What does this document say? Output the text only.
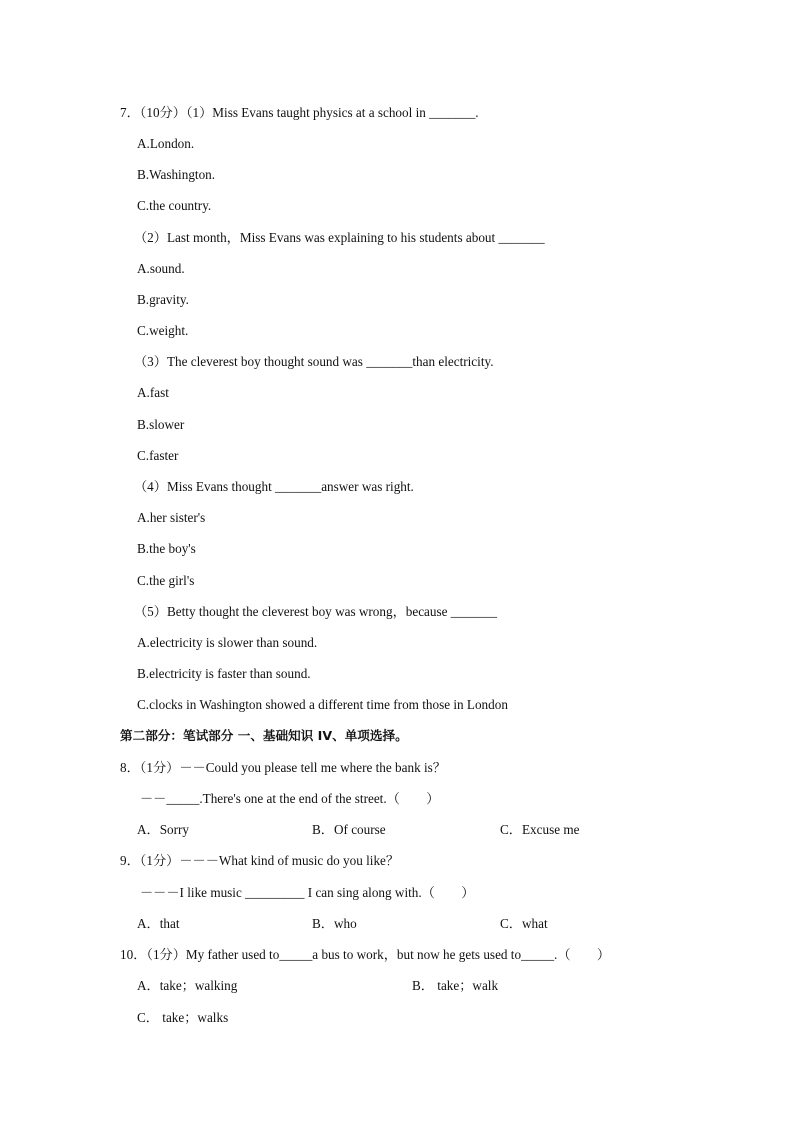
7．（10分）（1）Miss Evans taught physics at a school in _______.
A.London.
B.Washington.
C.the country.
（2）Last month，Miss Evans was explaining to his students about _______
A.sound.
B.gravity.
C.weight.
（3）The cleverest boy thought sound was _______than electricity.
A.fast
B.slower
C.faster
（4）Miss Evans thought _______answer was right.
A.her sister's
B.the boy's
C.the girl's
（5）Betty thought the cleverest boy was wrong，because _______
A.electricity is slower than sound.
B.electricity is faster than sound.
C.clocks in Washington showed a different time from those in London
第二部分：笔试部分 一、基础知识 IV、单项选择。
8．（1分）－－Could you please tell me where the bank is？
－－_____.There's one at the end of the street.（　　）
A．Sorry	B．Of course	C．Excuse me
9．（1分）－－－What kind of music do you like？
－－－I like music _________ I can sing along with.（　　）
A．that	B．who	C．what
10．（1分）My father used to_____a bus to work，but now he gets used to_____.（　　）
A．take；walking	B． take；walk
C． take；walks
